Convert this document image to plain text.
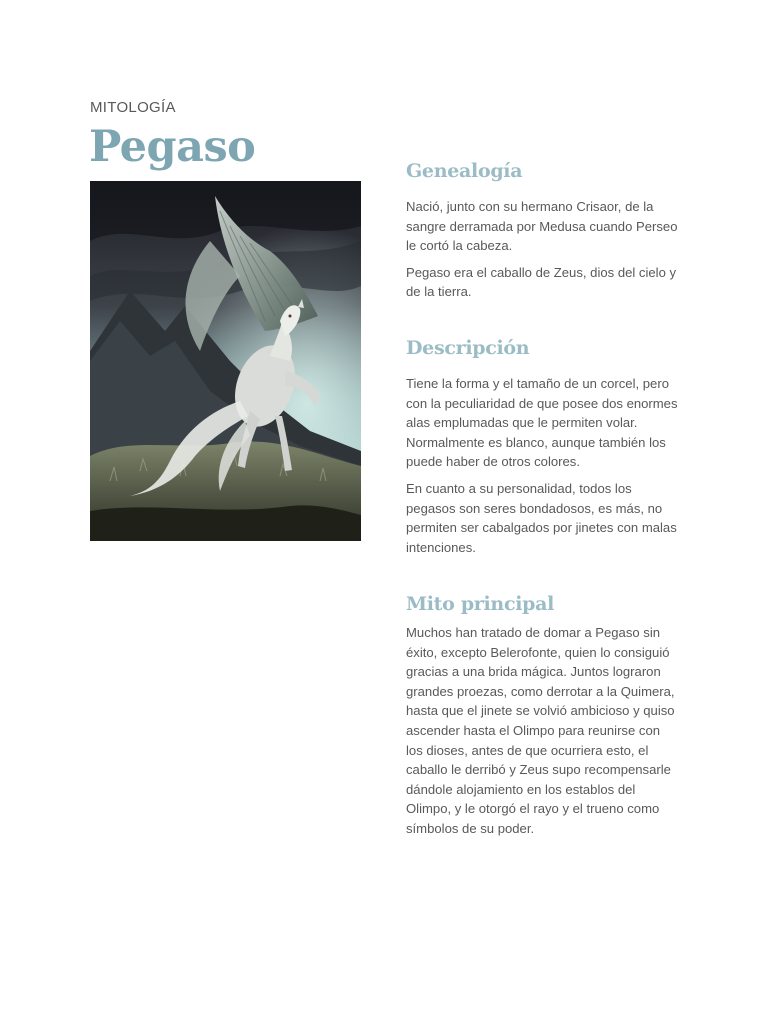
MITOLOGÍA
Pegaso	Genealogía

Nació, junto con su hermano Crisaor, de la sangre derramada por Medusa cuando Perseo le cortó la cabeza.

Pegaso era el caballo de Zeus, dios del cielo y de la tierra.

Descripción

Tiene la forma y el tamaño de un corcel, pero con la peculiaridad de que posee dos enormes alas emplumadas que le permiten volar. Normalmente es blanco, aunque también los puede haber de otros colores.

En cuanto a su personalidad, todos los pegasos son seres bondadosos, es más, no permiten ser cabalgados por jinetes con malas intenciones.

Mito principal

Muchos han tratado de domar a Pegaso sin éxito, excepto Belerofonte, quien lo consiguió gracias a una brida mágica. Juntos lograron grandes proezas, como derrotar a la Quimera, hasta que el jinete se volvió ambicioso y quiso ascender hasta el Olimpo para reunirse con los dioses, antes de que ocurriera esto, el caballo le derribó y Zeus supo recompensarle dándole alojamiento en los establos del Olimpo, y le otorgó el rayo y el trueno como símbolos de su poder.
